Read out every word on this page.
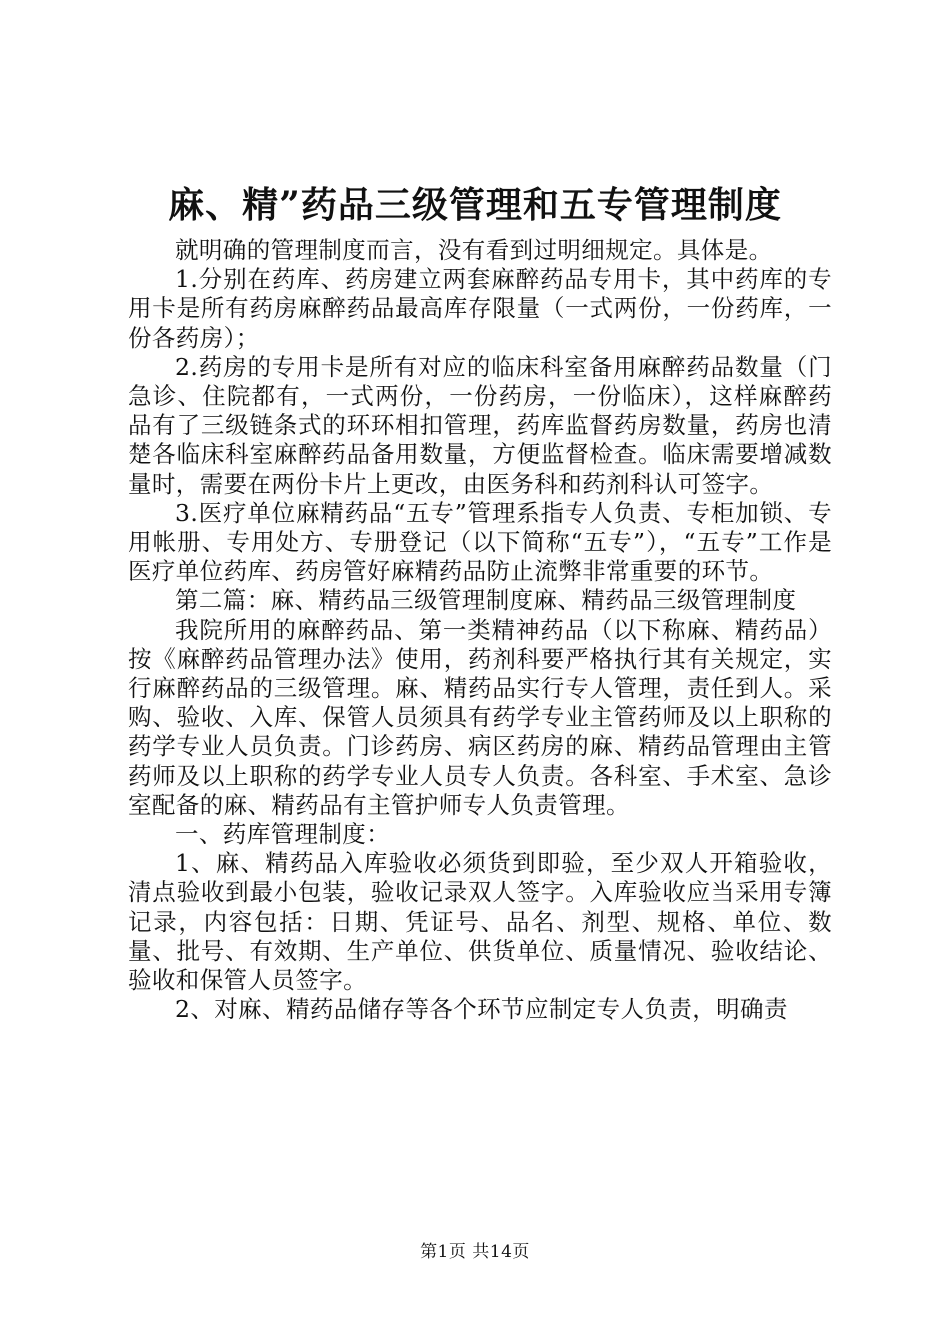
麻、精”药品三级管理和五专管理制度

就明确的管理制度而言，没有看到过明细规定。具体是。

1.分别在药库、药房建立两套麻醉药品专用卡，其中药库的专用卡是所有药房麻醉药品最高库存限量（一式两份，一份药库，一份各药房）；

2.药房的专用卡是所有对应的临床科室备用麻醉药品数量（门急诊、住院都有，一式两份，一份药房，一份临床），这样麻醉药品有了三级链条式的环环相扣管理，药库监督药房数量，药房也清楚各临床科室麻醉药品备用数量，方便监督检查。临床需要增减数量时，需要在两份卡片上更改，由医务科和药剂科认可签字。

3.医疗单位麻精药品“五专”管理系指专人负责、专柜加锁、专用帐册、专用处方、专册登记（以下简称“五专”），“五专”工作是医疗单位药库、药房管好麻精药品防止流弊非常重要的环节。

第二篇：麻、精药品三级管理制度麻、精药品三级管理制度

我院所用的麻醉药品、第一类精神药品（以下称麻、精药品）按《麻醉药品管理办法》使用，药剂科要严格执行其有关规定，实行麻醉药品的三级管理。麻、精药品实行专人管理，责任到人。采购、验收、入库、保管人员须具有药学专业主管药师及以上职称的药学专业人员负责。门诊药房、病区药房的麻、精药品管理由主管药师及以上职称的药学专业人员专人负责。各科室、手术室、急诊室配备的麻、精药品有主管护师专人负责管理。

一、药库管理制度：

1、麻、精药品入库验收必须货到即验，至少双人开箱验收，清点验收到最小包装，验收记录双人签字。入库验收应当采用专簿记录，内容包括：日期、凭证号、品名、剂型、规格、单位、数量、批号、有效期、生产单位、供货单位、质量情况、验收结论、验收和保管人员签字。

2、对麻、精药品储存等各个环节应制定专人负责，明确责

第1页 共14页
